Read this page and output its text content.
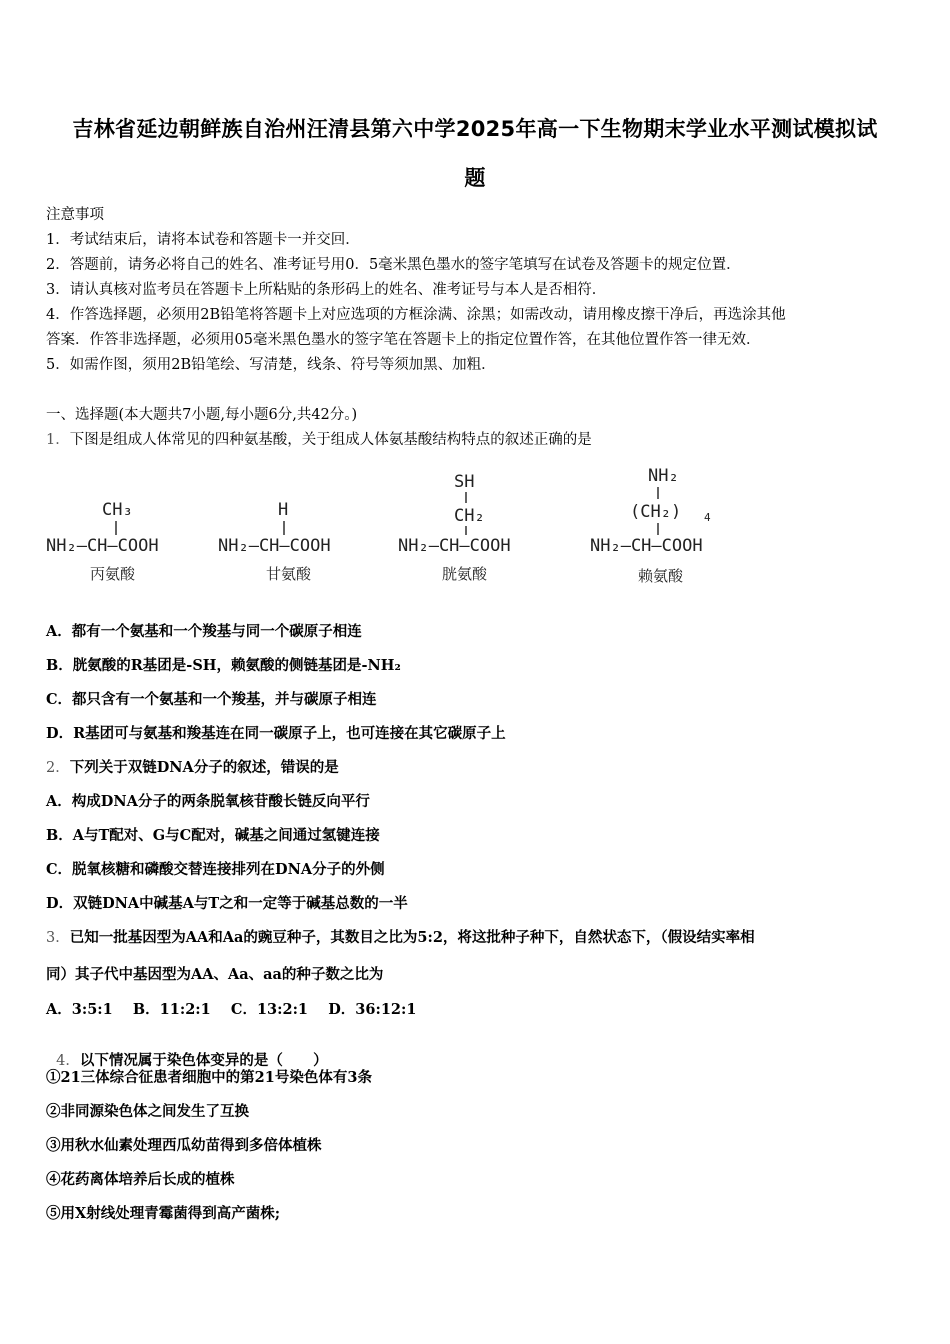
吉林省延边朝鲜族自治州汪清县第六中学2025年高一下生物期末学业水平测试模拟试
题
注意事项
1．考试结束后，请将本试卷和答题卡一并交回．
2．答题前，请务必将自己的姓名、准考证号用0．5毫米黑色墨水的签字笔填写在试卷及答题卡的规定位置．
3．请认真核对监考员在答题卡上所粘贴的条形码上的姓名、准考证号与本人是否相符．
4．作答选择题，必须用2B铅笔将答题卡上对应选项的方框涂满、涂黑；如需改动，请用橡皮擦干净后，再选涂其他
答案．作答非选择题，必须用05毫米黑色墨水的签字笔在答题卡上的指定位置作答，在其他位置作答一律无效．
5．如需作图，须用2B铅笔绘、写清楚，线条、符号等须加黑、加粗．
一、选择题(本大题共7小题,每小题6分,共42分。)
1．下图是组成人体常见的四种氨基酸，关于组成人体氨基酸结构特点的叙述正确的是
CH₃
NH₂—CH—COOH
丙氨酸
H
NH₂—CH—COOH
甘氨酸
SH
CH₂
NH₂—CH—COOH
胱氨酸
NH₂
(CH₂) 4
NH₂—CH—COOH
赖氨酸
A．都有一个氨基和一个羧基与同一个碳原子相连
B．胱氨酸的R基团是-SH，赖氨酸的侧链基团是-NH₂
C．都只含有一个氨基和一个羧基，并与碳原子相连
D．R基团可与氨基和羧基连在同一碳原子上，也可连接在其它碳原子上
2．下列关于双链DNA分子的叙述，错误的是
A．构成DNA分子的两条脱氧核苷酸长链反向平行
B．A与T配对、G与C配对，碱基之间通过氢键连接
C．脱氧核糖和磷酸交替连接排列在DNA分子的外侧
D．双链DNA中碱基A与T之和一定等于碱基总数的一半
3．已知一批基因型为AA和Aa的豌豆种子，其数目之比为5:2，将这批种子种下，自然状态下，（假设结实率相
同）其子代中基因型为AA、Aa、aa的种子数之比为
A．3:5:1    B．11:2:1    C．13:2:1    D．36:12:1

4．以下情况属于染色体变异的是（      ）

①21三体综合征患者细胞中的第21号染色体有3条
②非同源染色体之间发生了互换
③用秋水仙素处理西瓜幼苗得到多倍体植株
④花药离体培养后长成的植株
⑤用X射线处理青霉菌得到高产菌株;
